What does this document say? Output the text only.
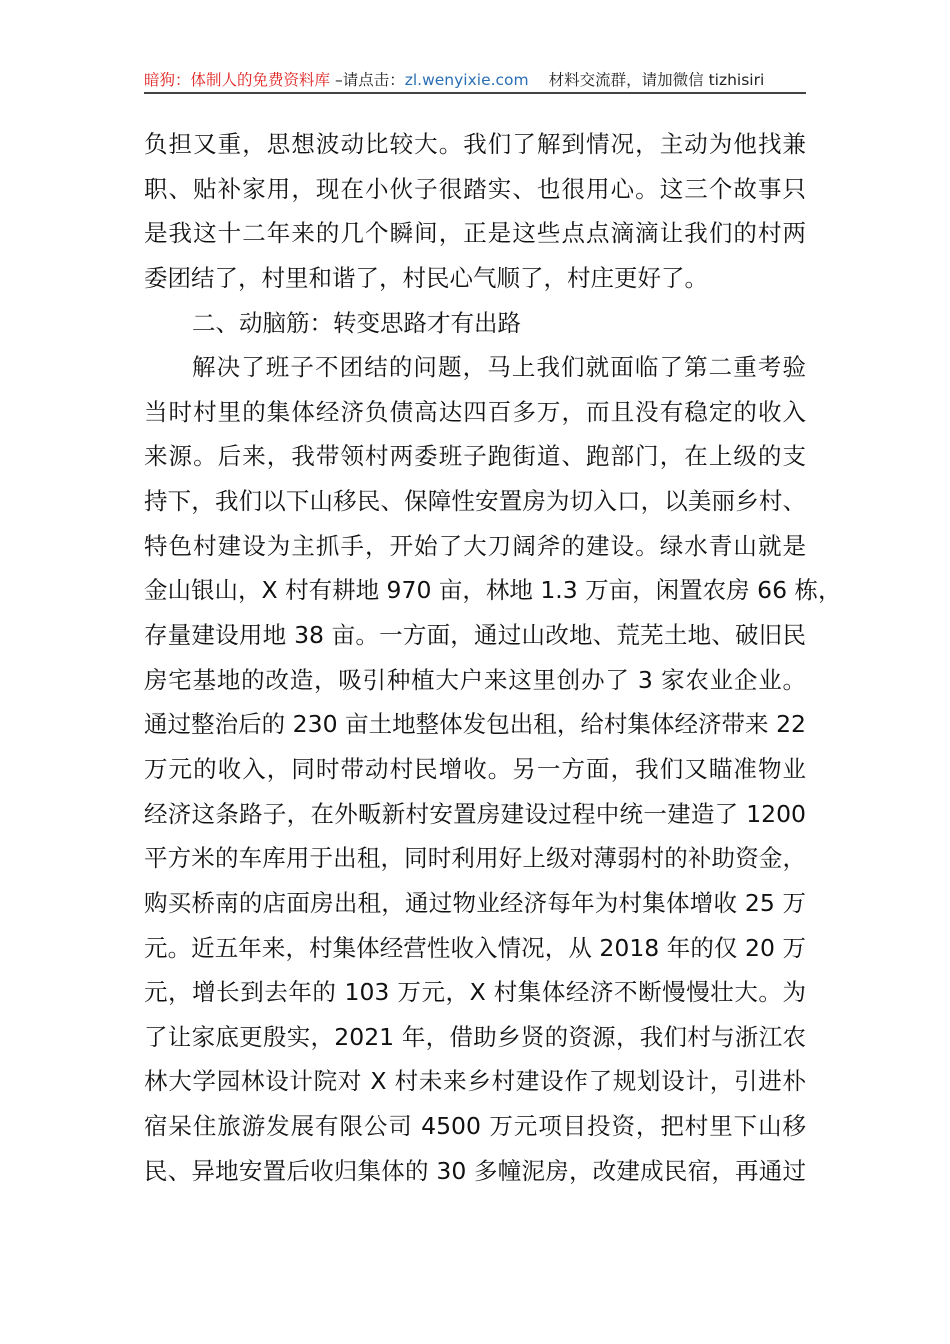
暗狗：体制人的免费资料库 –请点击：zl.wenyixie.com 材料交流群，请加微信 tizhisiri
负担又重，思想波动比较大。我们了解到情况，主动为他找兼
职、贴补家用，现在小伙子很踏实、也很用心。这三个故事只
是我这十二年来的几个瞬间，正是这些点点滴滴让我们的村两
委团结了，村里和谐了，村民心气顺了，村庄更好了。
二、动脑筋：转变思路才有出路
解决了班子不团结的问题，马上我们就面临了第二重考验
当时村里的集体经济负债高达四百多万，而且没有稳定的收入
来源。后来，我带领村两委班子跑街道、跑部门，在上级的支
持下，我们以下山移民、保障性安置房为切入口，以美丽乡村、
特色村建设为主抓手，开始了大刀阔斧的建设。绿水青山就是
金山银山，X 村有耕地 970 亩，林地 1.3 万亩，闲置农房 66 栋，
存量建设用地 38 亩。一方面，通过山改地、荒芜土地、破旧民
房宅基地的改造，吸引种植大户来这里创办了 3 家农业企业。
通过整治后的 230 亩土地整体发包出租，给村集体经济带来 22
万元的收入，同时带动村民增收。另一方面，我们又瞄准物业
经济这条路子，在外畈新村安置房建设过程中统一建造了 1200
平方米的车库用于出租，同时利用好上级对薄弱村的补助资金，
购买桥南的店面房出租，通过物业经济每年为村集体增收 25 万
元。近五年来，村集体经营性收入情况，从 2018 年的仅 20 万
元，增长到去年的 103 万元，X 村集体经济不断慢慢壮大。为
了让家底更殷实，2021 年，借助乡贤的资源，我们村与浙江农
林大学园林设计院对 X 村未来乡村建设作了规划设计，引进朴
宿呆住旅游发展有限公司 4500 万元项目投资，把村里下山移
民、异地安置后收归集体的 30 多幢泥房，改建成民宿，再通过
